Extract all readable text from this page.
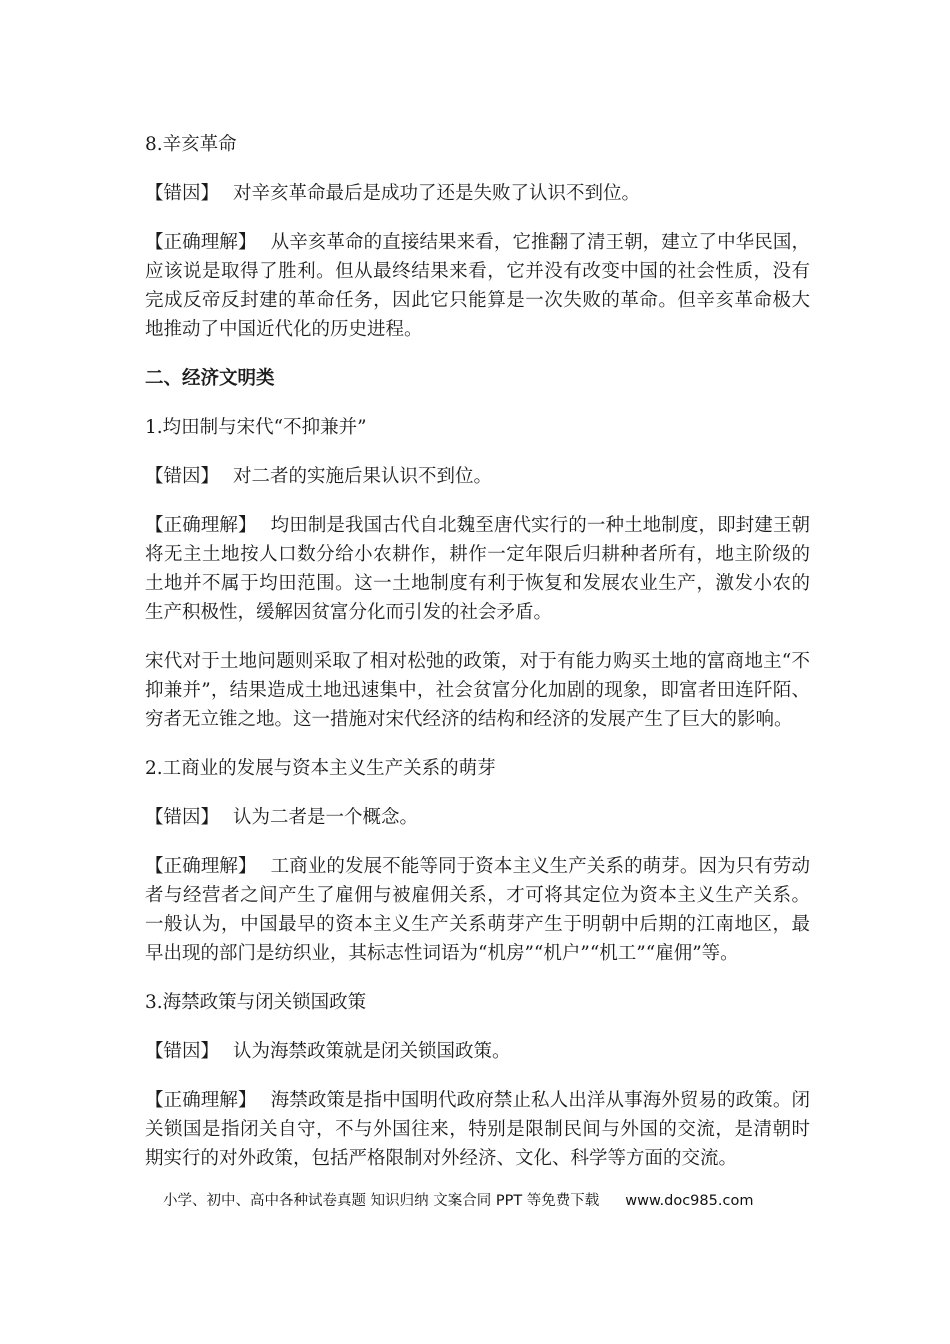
8.辛亥革命

【错因】 对辛亥革命最后是成功了还是失败了认识不到位。

【正确理解】 从辛亥革命的直接结果来看，它推翻了清王朝，建立了中华民国，应该说是取得了胜利。但从最终结果来看，它并没有改变中国的社会性质，没有完成反帝反封建的革命任务，因此它只能算是一次失败的革命。但辛亥革命极大地推动了中国近代化的历史进程。

二、经济文明类

1.均田制与宋代“不抑兼并”

【错因】 对二者的实施后果认识不到位。

【正确理解】 均田制是我国古代自北魏至唐代实行的一种土地制度，即封建王朝将无主土地按人口数分给小农耕作，耕作一定年限后归耕种者所有，地主阶级的土地并不属于均田范围。这一土地制度有利于恢复和发展农业生产，激发小农的生产积极性，缓解因贫富分化而引发的社会矛盾。

宋代对于土地问题则采取了相对松弛的政策，对于有能力购买土地的富商地主“不抑兼并”，结果造成土地迅速集中，社会贫富分化加剧的现象，即富者田连阡陌、穷者无立锥之地。这一措施对宋代经济的结构和经济的发展产生了巨大的影响。

2.工商业的发展与资本主义生产关系的萌芽

【错因】 认为二者是一个概念。

【正确理解】 工商业的发展不能等同于资本主义生产关系的萌芽。因为只有劳动者与经营者之间产生了雇佣与被雇佣关系，才可将其定位为资本主义生产关系。一般认为，中国最早的资本主义生产关系萌芽产生于明朝中后期的江南地区，最早出现的部门是纺织业，其标志性词语为“机房”“机户”“机工”“雇佣”等。

3.海禁政策与闭关锁国政策

【错因】 认为海禁政策就是闭关锁国政策。

【正确理解】 海禁政策是指中国明代政府禁止私人出洋从事海外贸易的政策。闭关锁国是指闭关自守，不与外国往来，特别是限制民间与外国的交流，是清朝时期实行的对外政策，包括严格限制对外经济、文化、科学等方面的交流。

小学、初中、高中各种试卷真题 知识归纳 文案合同 PPT 等免费下载 www.doc985.com
